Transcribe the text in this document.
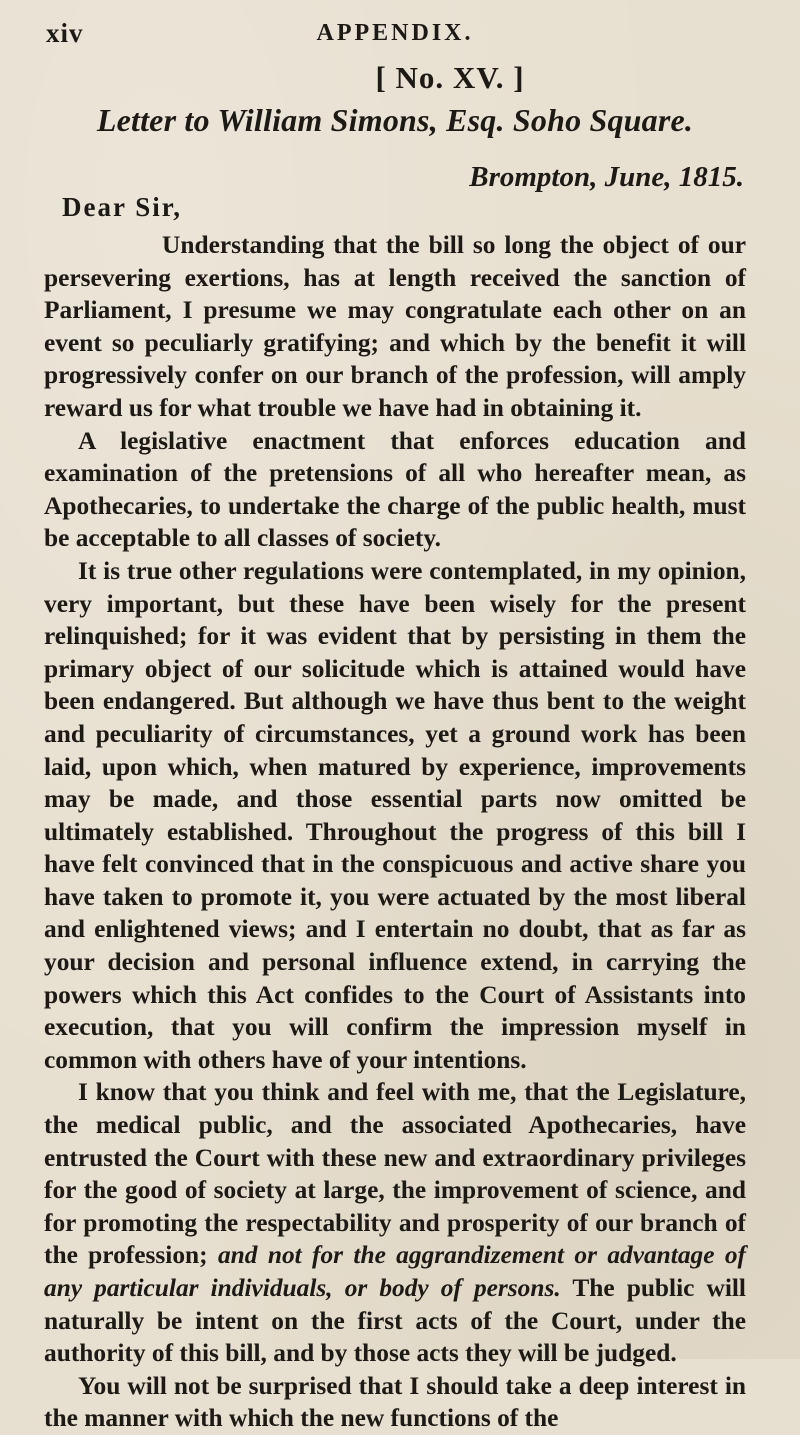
xiv	APPENDIX.
[ No. XV. ]
Letter to William Simons, Esq. Soho Square.
Brompton, June, 1815.
Dear Sir,

Understanding that the bill so long the object of our persevering exertions, has at length received the sanction of Parliament, I presume we may congratulate each other on an event so peculiarly gratifying; and which by the benefit it will progressively confer on our branch of the profession, will amply reward us for what trouble we have had in obtaining it.

A legislative enactment that enforces education and examination of the pretensions of all who hereafter mean, as Apothecaries, to undertake the charge of the public health, must be acceptable to all classes of society.

It is true other regulations were contemplated, in my opinion, very important, but these have been wisely for the present relinquished; for it was evident that by persisting in them the primary object of our solicitude which is attained would have been endangered. But although we have thus bent to the weight and peculiarity of circumstances, yet a ground work has been laid, upon which, when matured by experience, improvements may be made, and those essential parts now omitted be ultimately established. Throughout the progress of this bill I have felt convinced that in the conspicuous and active share you have taken to promote it, you were actuated by the most liberal and enlightened views; and I entertain no doubt, that as far as your decision and personal influence extend, in carrying the powers which this Act confides to the Court of Assistants into execution, that you will confirm the impression myself in common with others have of your intentions.

I know that you think and feel with me, that the Legislature, the medical public, and the associated Apothecaries, have entrusted the Court with these new and extraordinary privileges for the good of society at large, the improvement of science, and for promoting the respectability and prosperity of our branch of the profession; and not for the aggrandizement or advantage of any particular individuals, or body of persons. The public will naturally be intent on the first acts of the Court, under the authority of this bill, and by those acts they will be judged.

You will not be surprised that I should take a deep interest in the manner with which the new functions of the
